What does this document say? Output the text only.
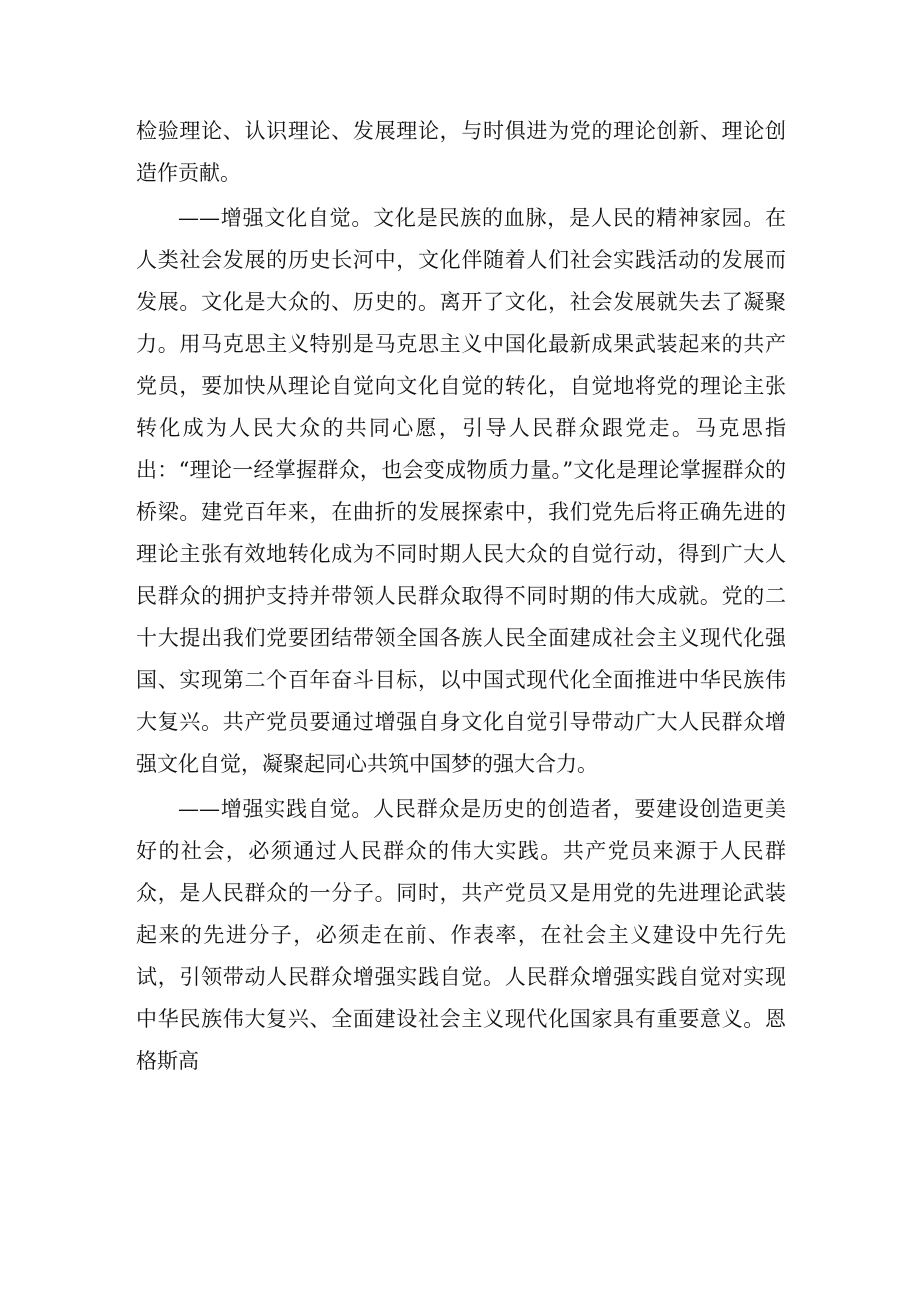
检验理论、认识理论、发展理论，与时俱进为党的理论创新、理论创造作贡献。

——增强文化自觉。文化是民族的血脉，是人民的精神家园。在人类社会发展的历史长河中，文化伴随着人们社会实践活动的发展而发展。文化是大众的、历史的。离开了文化，社会发展就失去了凝聚力。用马克思主义特别是马克思主义中国化最新成果武装起来的共产党员，要加快从理论自觉向文化自觉的转化，自觉地将党的理论主张转化成为人民大众的共同心愿，引导人民群众跟党走。马克思指出：“理论一经掌握群众，也会变成物质力量。”文化是理论掌握群众的桥梁。建党百年来，在曲折的发展探索中，我们党先后将正确先进的理论主张有效地转化成为不同时期人民大众的自觉行动，得到广大人民群众的拥护支持并带领人民群众取得不同时期的伟大成就。党的二十大提出我们党要团结带领全国各族人民全面建成社会主义现代化强国、实现第二个百年奋斗目标，以中国式现代化全面推进中华民族伟大复兴。共产党员要通过增强自身文化自觉引导带动广大人民群众增强文化自觉，凝聚起同心共筑中国梦的强大合力。

——增强实践自觉。人民群众是历史的创造者，要建设创造更美好的社会，必须通过人民群众的伟大实践。共产党员来源于人民群众，是人民群众的一分子。同时，共产党员又是用党的先进理论武装起来的先进分子，必须走在前、作表率，在社会主义建设中先行先试，引领带动人民群众增强实践自觉。人民群众增强实践自觉对实现中华民族伟大复兴、全面建设社会主义现代化国家具有重要意义。恩格斯高
